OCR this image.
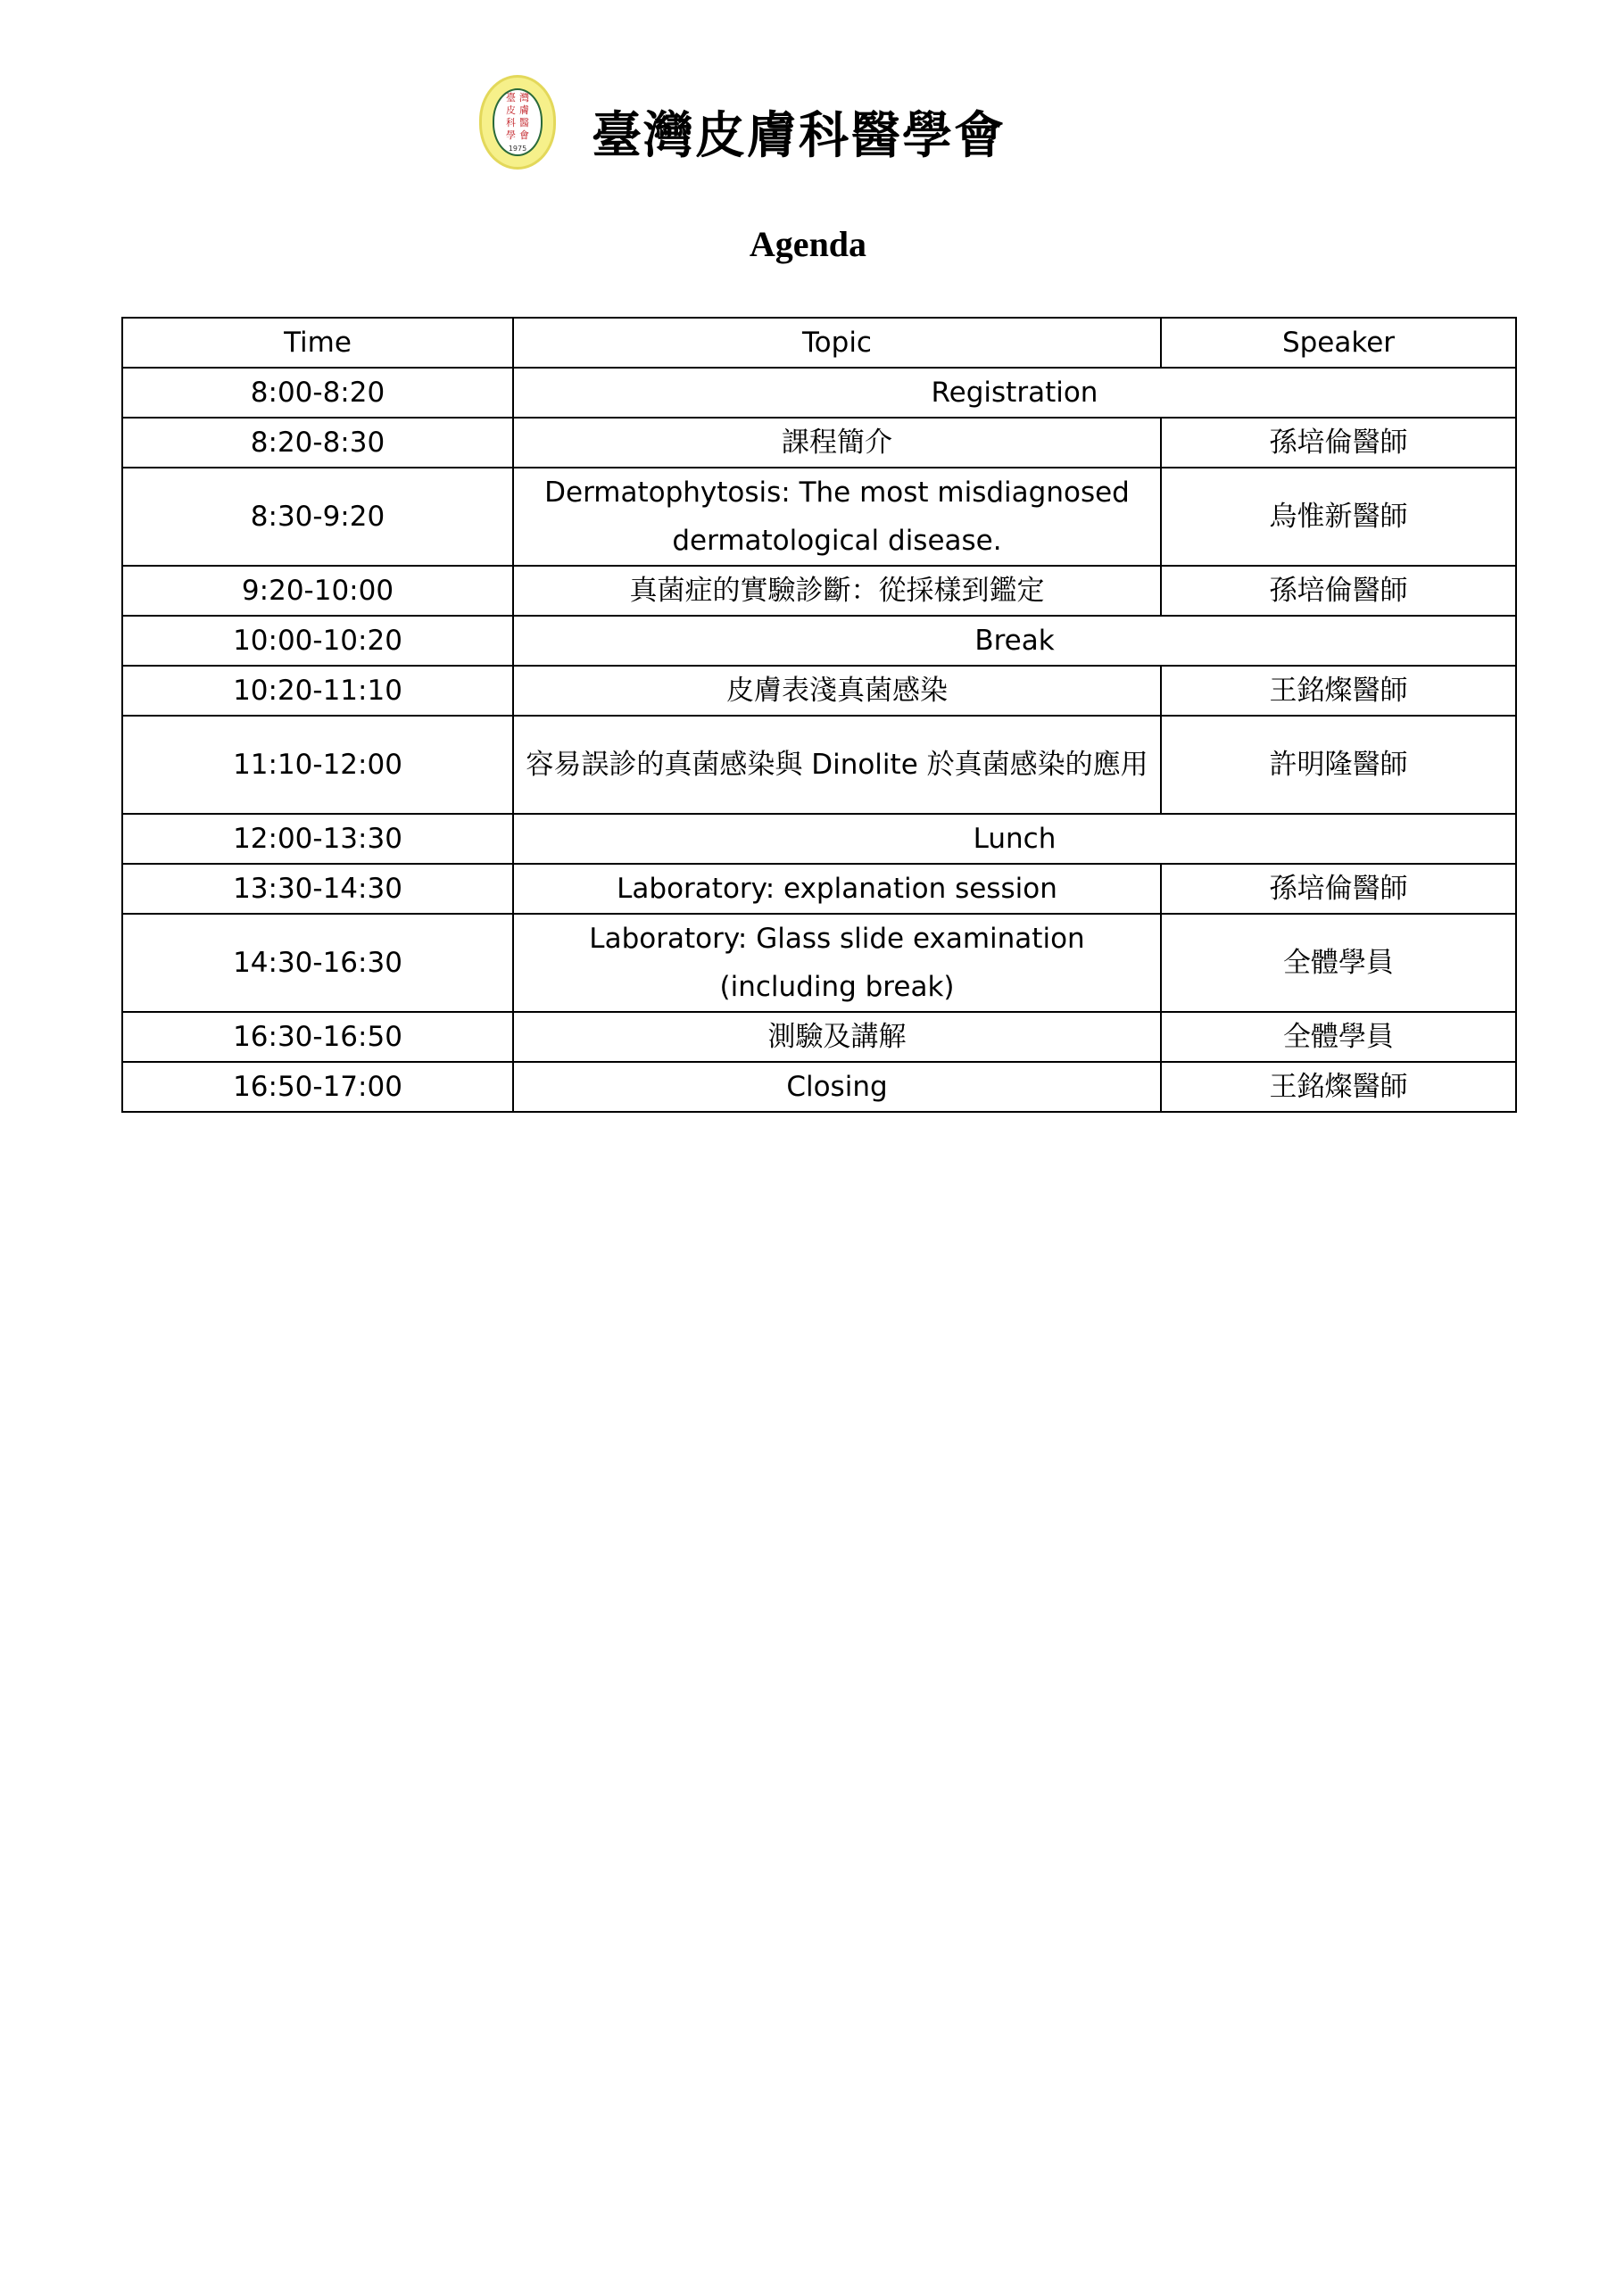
臺 灣
皮 膚
科 醫
學 會
1975 臺灣皮膚科醫學會
Agenda
Time	Topic	Speaker
8:00-8:20	Registration	
8:20-8:30	課程簡介	孫培倫醫師
8:30-9:20	Dermatophytosis: The most misdiagnosed dermatological disease.	烏惟新醫師
9:20-10:00	真菌症的實驗診斷：從採樣到鑑定	孫培倫醫師
10:00-10:20	Break	
10:20-11:10	皮膚表淺真菌感染	王銘燦醫師
11:10-12:00	容易誤診的真菌感染與 Dinolite 於真菌感染的應用	許明隆醫師
12:00-13:30	Lunch	
13:30-14:30	Laboratory: explanation session	孫培倫醫師
14:30-16:30	Laboratory: Glass slide examination (including break)	全體學員
16:30-16:50	測驗及講解	全體學員
16:50-17:00	Closing	王銘燦醫師
